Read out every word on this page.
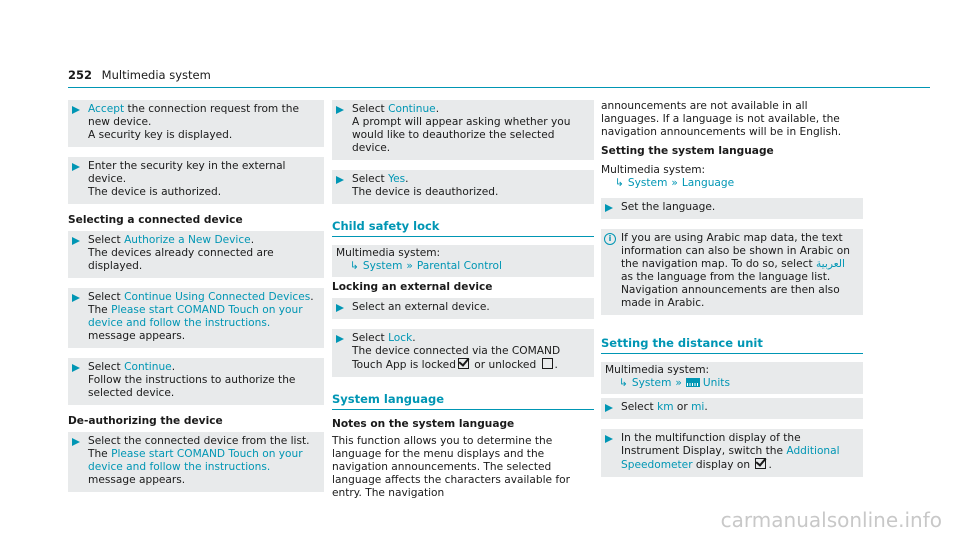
252 Multimedia system
Accept the connection request from the new device.
A security key is displayed.
Enter the security key in the external device.
The device is authorized.
Selecting a connected device
Select Authorize a New Device.
The devices already connected are displayed.
Select Continue Using Connected Devices.
The Please start COMAND Touch on your device and follow the instructions. message appears.
Select Continue.
Follow the instructions to authorize the selected device.
De-authorizing the device
Select the connected device from the list.
The Please start COMAND Touch on your device and follow the instructions. message appears.
Select Continue.
A prompt will appear asking whether you would like to deauthorize the selected device.
Select Yes.
The device is deauthorized.
Child safety lock
Multimedia system:
↳ System » Parental Control
Locking an external device
Select an external device.
Select Lock.
The device connected via the COMAND Touch App is locked or unlocked .
System language
Notes on the system language
This function allows you to determine the language for the menu displays and the navigation announcements. The selected language affects the characters available for entry. The navigation
announcements are not available in all languages. If a language is not available, the navigation announcements will be in English.
Setting the system language
Multimedia system:
↳ System » Language
Set the language.
i If you are using Arabic map data, the text information can also be shown in Arabic on the navigation map. To do so, select العربية as the language from the language list. Navigation announcements are then also made in Arabic.
Setting the distance unit
Multimedia system:
↳ System » Units
Select km or mi.
In the multifunction display of the Instrument Display, switch the Additional Speedometer display on .
carmanualsonline.info
